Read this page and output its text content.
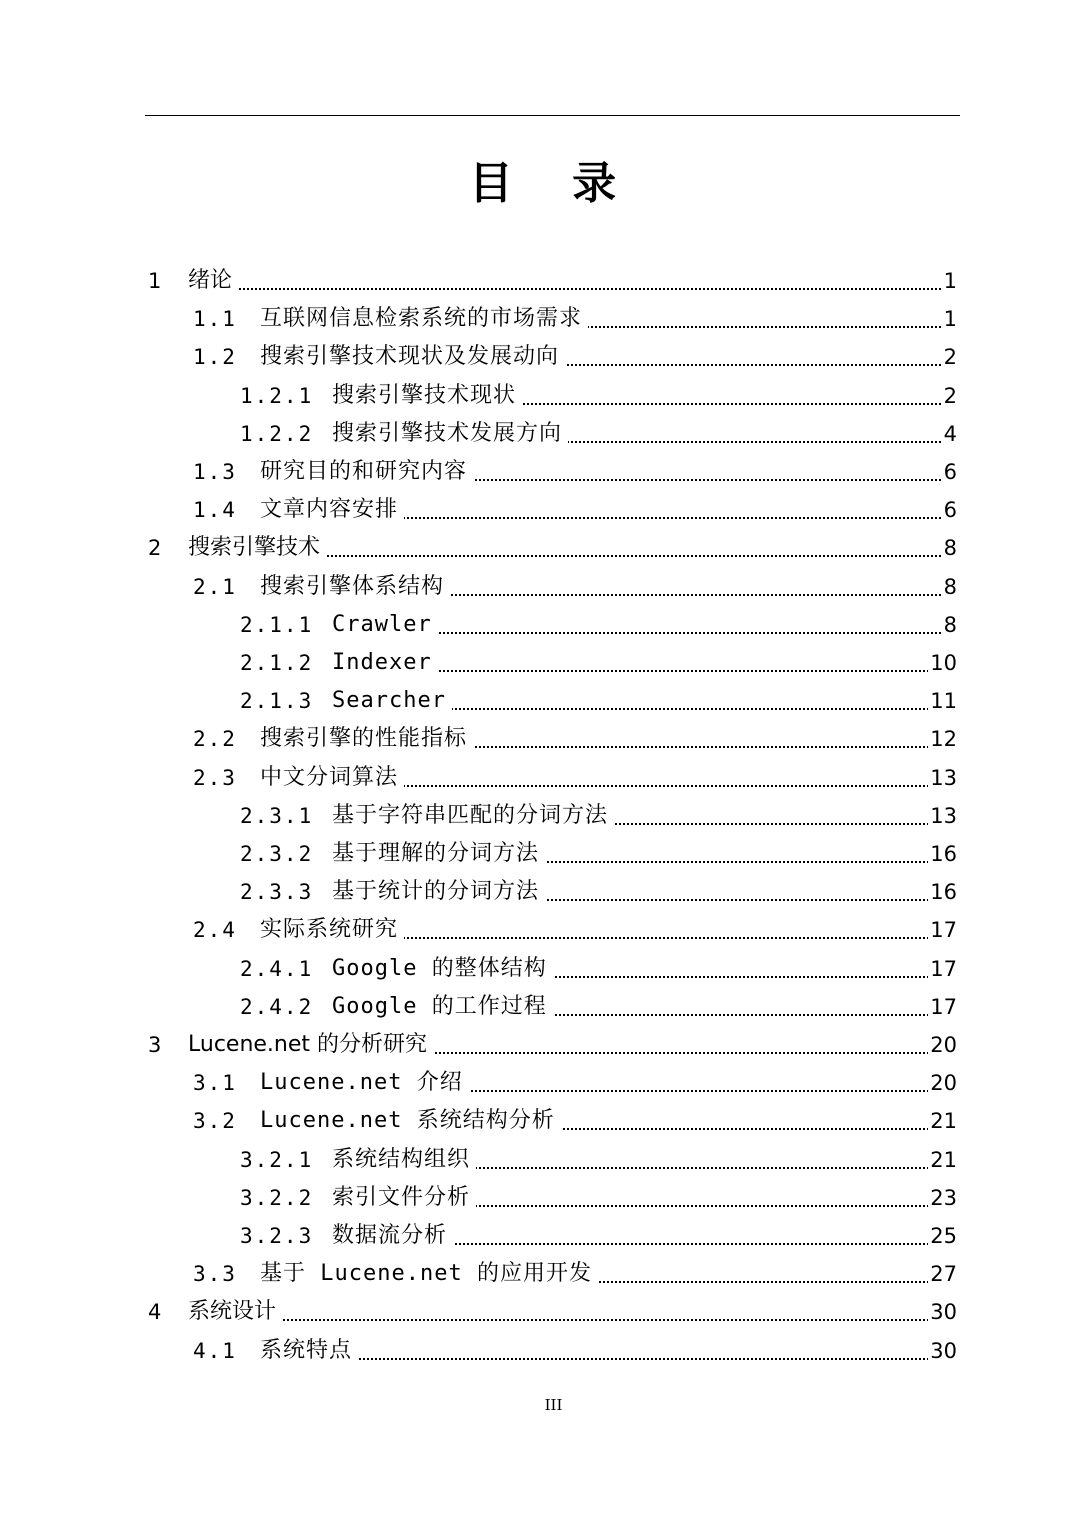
目 录
1 绪论	1
1.1 互联网信息检索系统的市场需求	1
1.2 搜索引擎技术现状及发展动向	2
1.2.1 搜索引擎技术现状	2
1.2.2 搜索引擎技术发展方向	4
1.3 研究目的和研究内容	6
1.4 文章内容安排	6
2 搜索引擎技术	8
2.1 搜索引擎体系结构	8
2.1.1 Crawler	8
2.1.2 Indexer	10
2.1.3 Searcher	11
2.2 搜索引擎的性能指标	12
2.3 中文分词算法	13
2.3.1 基于字符串匹配的分词方法	13
2.3.2 基于理解的分词方法	16
2.3.3 基于统计的分词方法	16
2.4 实际系统研究	17
2.4.1 Google 的整体结构	17
2.4.2 Google 的工作过程	17
3 Lucene.net 的分析研究	20
3.1 Lucene.net 介绍	20
3.2 Lucene.net 系统结构分析	21
3.2.1 系统结构组织	21
3.2.2 索引文件分析	23
3.2.3 数据流分析	25
3.3 基于 Lucene.net 的应用开发	27
4 系统设计	30
4.1 系统特点	30
III
